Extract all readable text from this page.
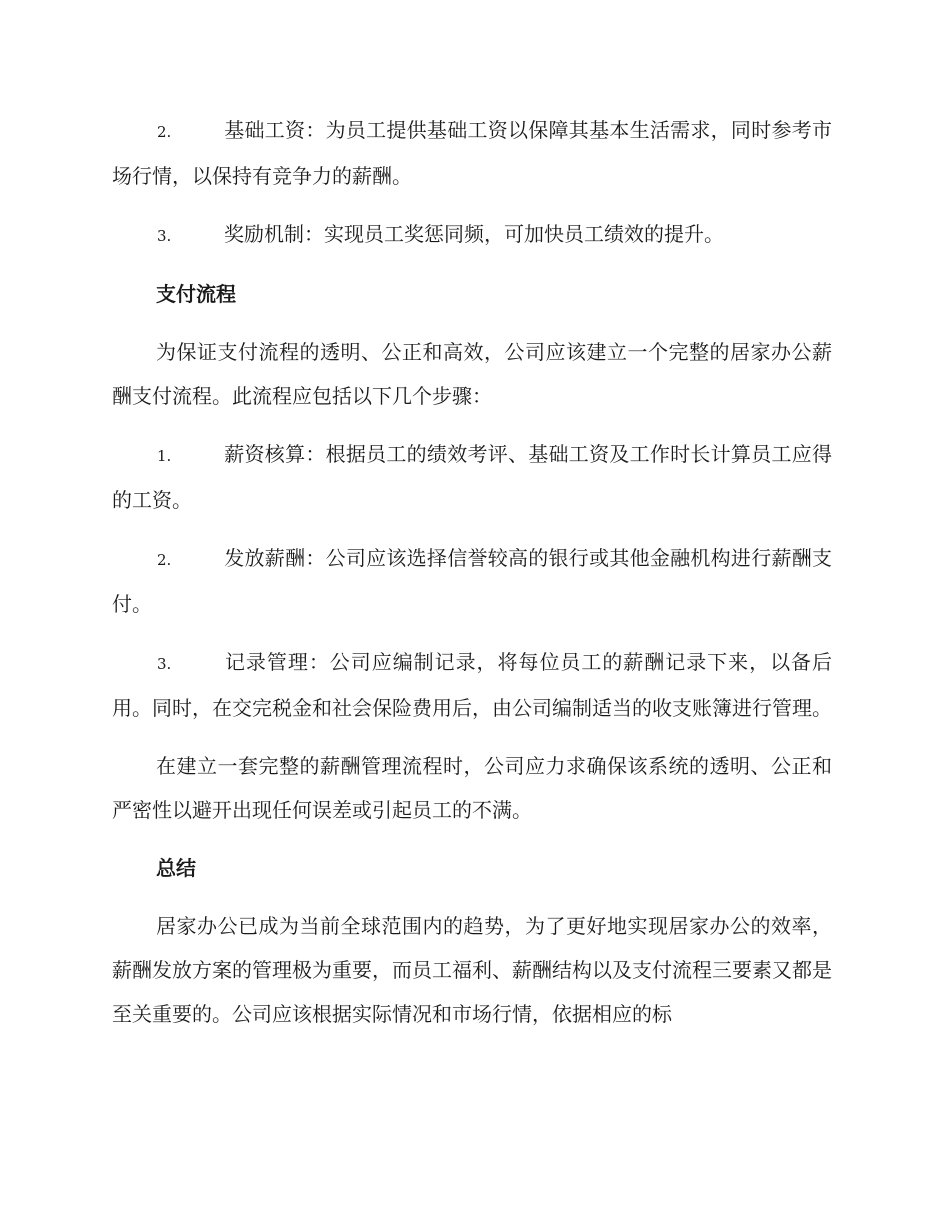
2.	基础工资：为员工提供基础工资以保障其基本生活需求，同时参考市场行情，以保持有竞争力的薪酬。

3.	奖励机制：实现员工奖惩同频，可加快员工绩效的提升。

支付流程

为保证支付流程的透明、公正和高效，公司应该建立一个完整的居家办公薪酬支付流程。此流程应包括以下几个步骤：

1.	薪资核算：根据员工的绩效考评、基础工资及工作时长计算员工应得的工资。

2.	发放薪酬：公司应该选择信誉较高的银行或其他金融机构进行薪酬支付。

3.	记录管理：公司应编制记录，将每位员工的薪酬记录下来，以备后用。同时，在交完税金和社会保险费用后，由公司编制适当的收支账簿进行管理。

在建立一套完整的薪酬管理流程时，公司应力求确保该系统的透明、公正和严密性以避开出现任何误差或引起员工的不满。

总结

居家办公已成为当前全球范围内的趋势，为了更好地实现居家办公的效率，薪酬发放方案的管理极为重要，而员工福利、薪酬结构以及支付流程三要素又都是至关重要的。公司应该根据实际情况和市场行情，依据相应的标
